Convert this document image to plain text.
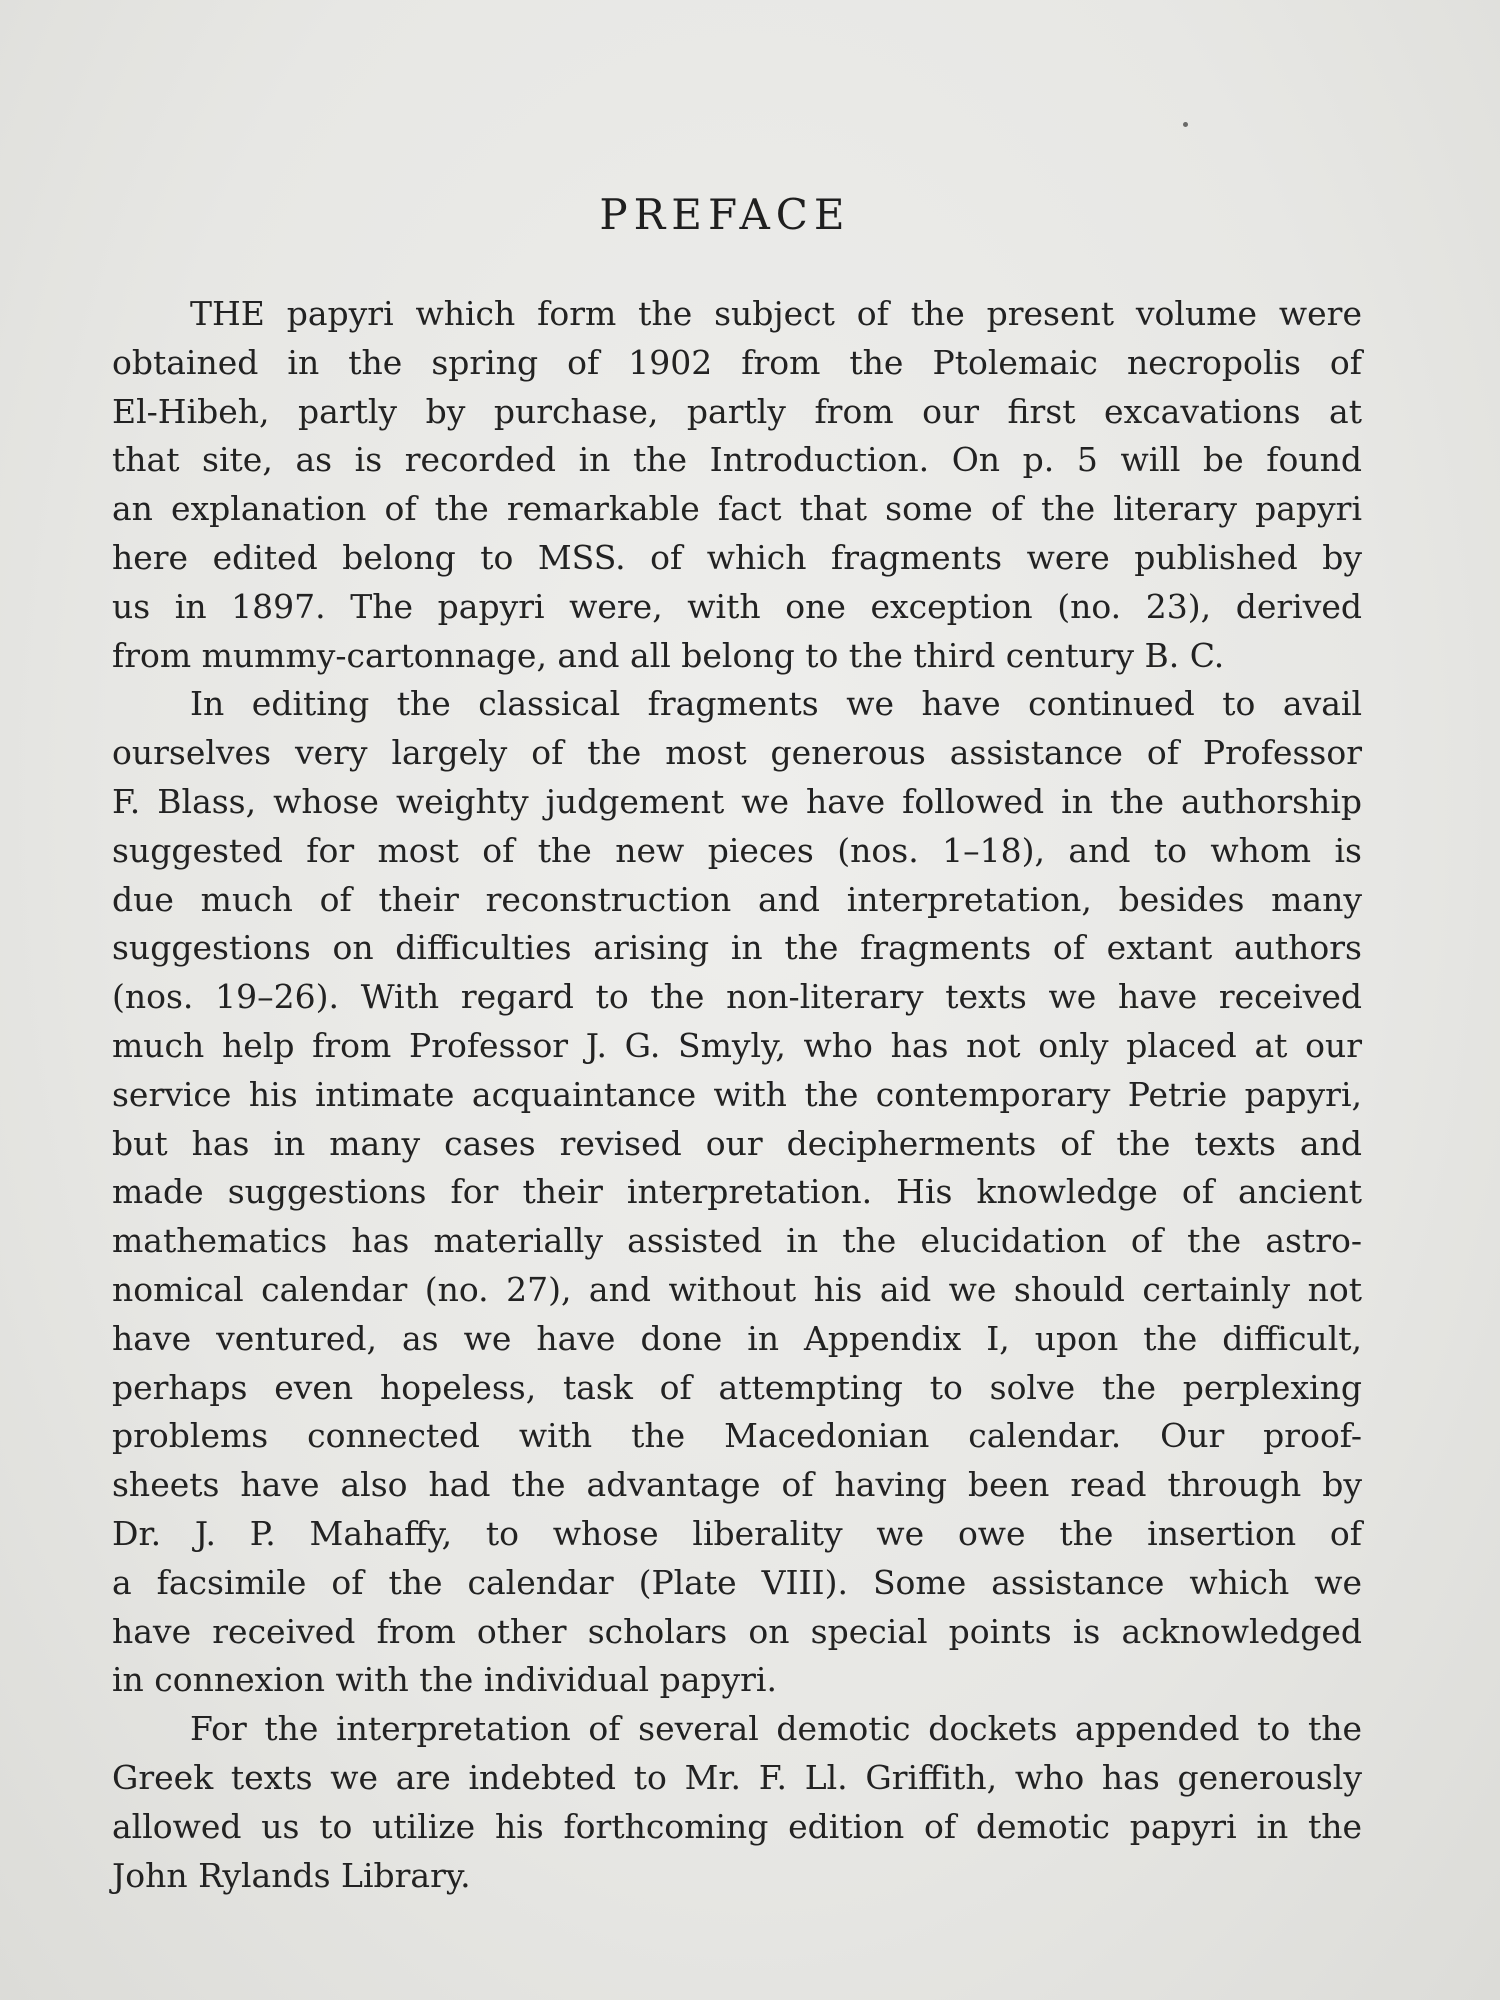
PREFACE
THE papyri which form the subject of the present volume were
obtained in the spring of 1902 from the Ptolemaic necropolis of
El-Hibeh, partly by purchase, partly from our first excavations at
that site, as is recorded in the Introduction. On p. 5 will be found
an explanation of the remarkable fact that some of the literary papyri
here edited belong to MSS. of which fragments were published by
us in 1897. The papyri were, with one exception (no. 23), derived
from mummy-cartonnage, and all belong to the third century B. C.
In editing the classical fragments we have continued to avail
ourselves very largely of the most generous assistance of Professor
F. Blass, whose weighty judgement we have followed in the authorship
suggested for most of the new pieces (nos. 1–18), and to whom is
due much of their reconstruction and interpretation, besides many
suggestions on difficulties arising in the fragments of extant authors
(nos. 19–26). With regard to the non-literary texts we have received
much help from Professor J. G. Smyly, who has not only placed at our
service his intimate acquaintance with the contemporary Petrie papyri,
but has in many cases revised our decipherments of the texts and
made suggestions for their interpretation. His knowledge of ancient
mathematics has materially assisted in the elucidation of the astro-
nomical calendar (no. 27), and without his aid we should certainly not
have ventured, as we have done in Appendix I, upon the difficult,
perhaps even hopeless, task of attempting to solve the perplexing
problems connected with the Macedonian calendar. Our proof-
sheets have also had the advantage of having been read through by
Dr. J. P. Mahaffy, to whose liberality we owe the insertion of
a facsimile of the calendar (Plate VIII). Some assistance which we
have received from other scholars on special points is acknowledged
in connexion with the individual papyri.
For the interpretation of several demotic dockets appended to the
Greek texts we are indebted to Mr. F. Ll. Griffith, who has generously
allowed us to utilize his forthcoming edition of demotic papyri in the
John Rylands Library.
